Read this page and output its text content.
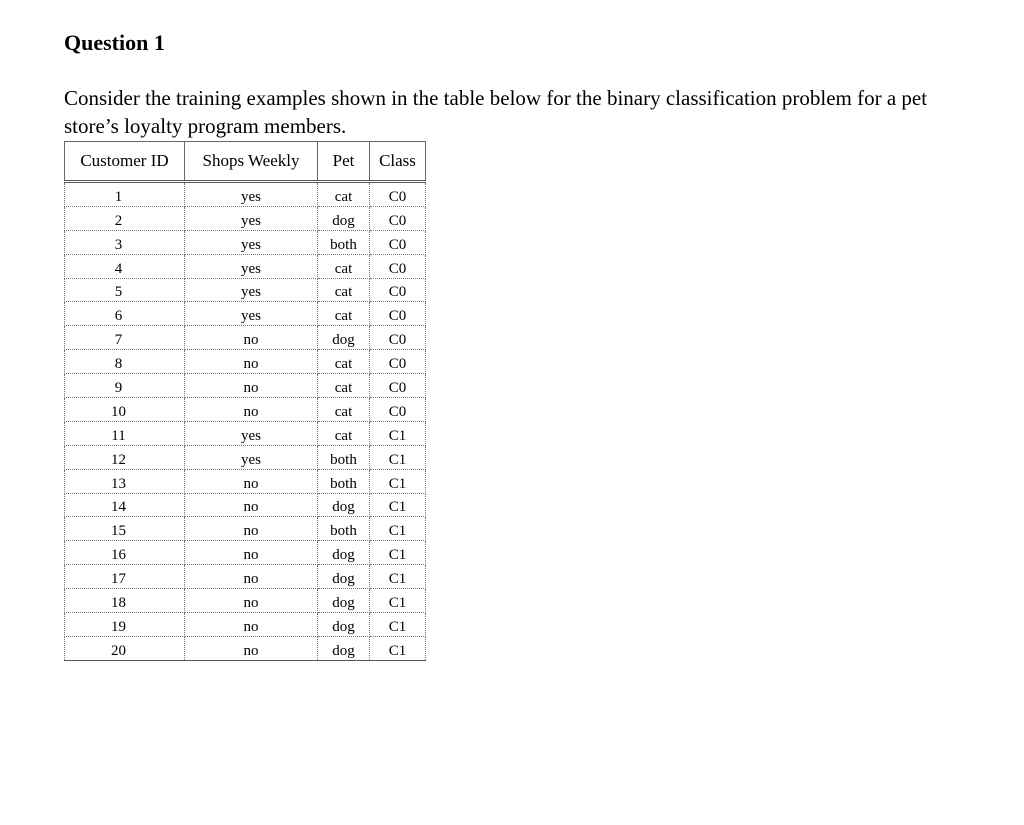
Question 1

Consider the training examples shown in the table below for the binary classification problem for a pet store’s loyalty program members.

Customer ID	Shops Weekly	Pet	Class
1	yes	cat	C0
2	yes	dog	C0
3	yes	both	C0
4	yes	cat	C0
5	yes	cat	C0
6	yes	cat	C0
7	no	dog	C0
8	no	cat	C0
9	no	cat	C0
10	no	cat	C0
11	yes	cat	C1
12	yes	both	C1
13	no	both	C1
14	no	dog	C1
15	no	both	C1
16	no	dog	C1
17	no	dog	C1
18	no	dog	C1
19	no	dog	C1
20	no	dog	C1
